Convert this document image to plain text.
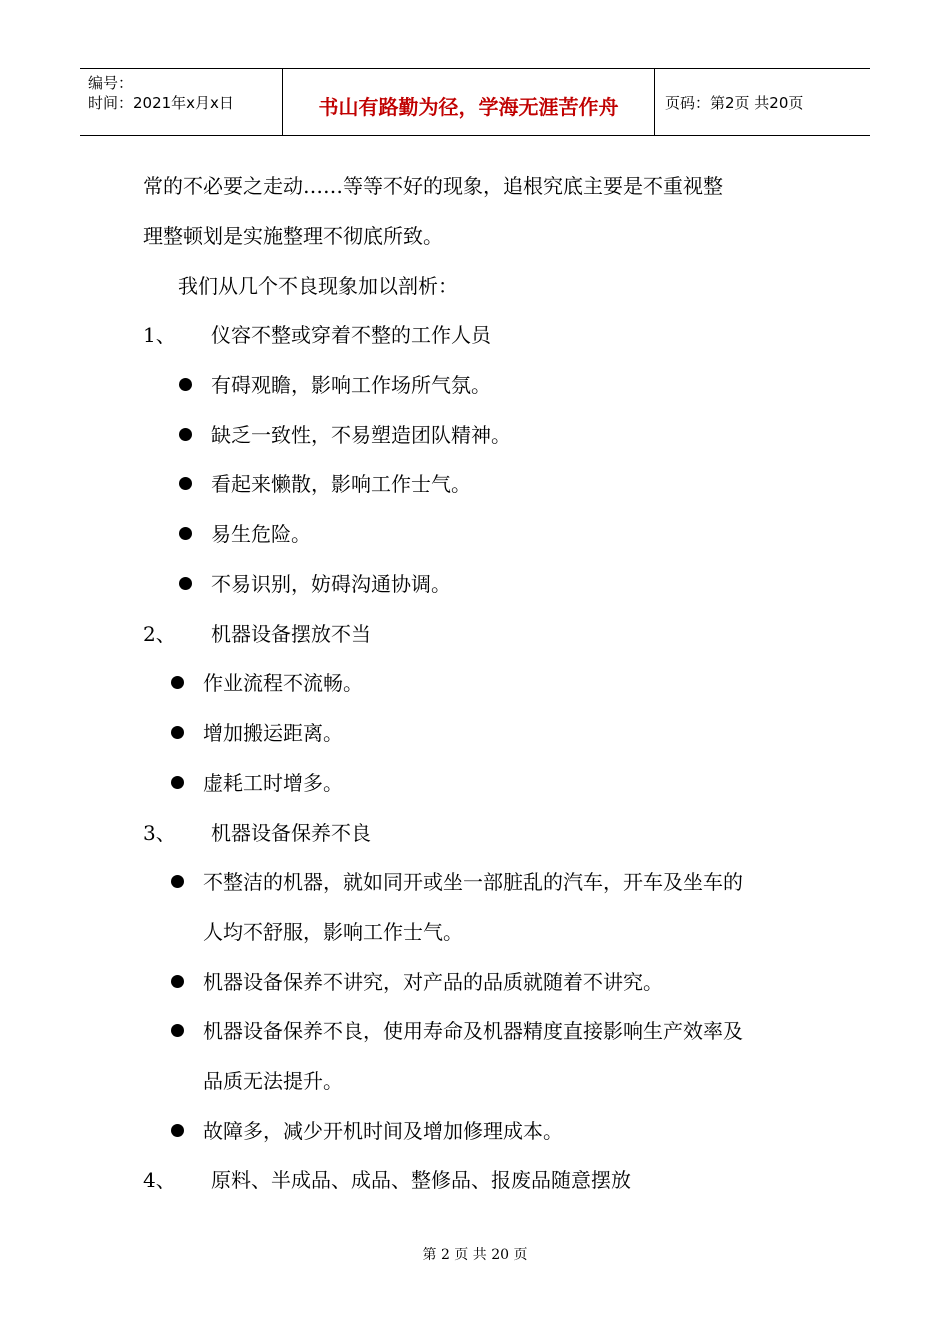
编号：
时间：2021年x月x日	书山有路勤为径，学海无涯苦作舟	页码：第2页 共20页
常的不必要之走动……等等不好的现象，追根究底主要是不重视整
理整顿划是实施整理不彻底所致。
我们从几个不良现象加以剖析：
1、 仪容不整或穿着不整的工作人员
有碍观瞻，影响工作场所气氛。
缺乏一致性，不易塑造团队精神。
看起来懒散，影响工作士气。
易生危险。
不易识别，妨碍沟通协调。
2、 机器设备摆放不当
作业流程不流畅。
增加搬运距离。
虚耗工时增多。
3、 机器设备保养不良
不整洁的机器，就如同开或坐一部脏乱的汽车，开车及坐车的
人均不舒服，影响工作士气。
机器设备保养不讲究，对产品的品质就随着不讲究。
机器设备保养不良，使用寿命及机器精度直接影响生产效率及
品质无法提升。
故障多，减少开机时间及增加修理成本。
4、 原料、半成品、成品、整修品、报废品随意摆放
第 2 页 共 20 页
